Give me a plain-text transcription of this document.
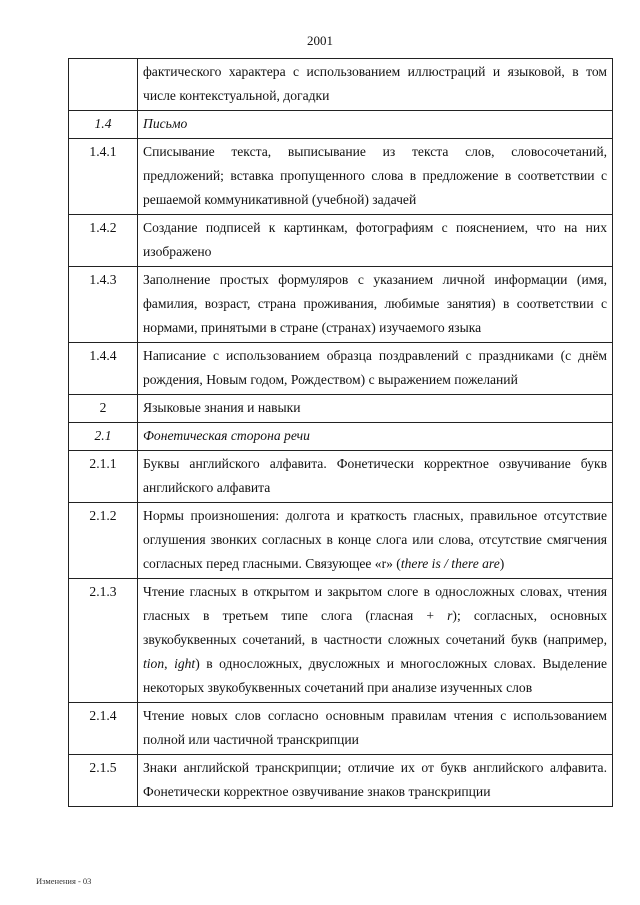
2001
	фактического характера с использованием иллюстраций и языковой, в том числе контекстуальной, догадки
1.4	Письмо
1.4.1	Списывание текста, выписывание из текста слов, словосочетаний, предложений; вставка пропущенного слова в предложение в соответствии с решаемой коммуникативной (учебной) задачей
1.4.2	Создание подписей к картинкам, фотографиям с пояснением, что на них изображено
1.4.3	Заполнение простых формуляров с указанием личной информации (имя, фамилия, возраст, страна проживания, любимые занятия) в соответствии с нормами, принятыми в стране (странах) изучаемого языка
1.4.4	Написание с использованием образца поздравлений с праздниками (с днём рождения, Новым годом, Рождеством) с выражением пожеланий
2	Языковые знания и навыки
2.1	Фонетическая сторона речи
2.1.1	Буквы английского алфавита. Фонетически корректное озвучивание букв английского алфавита
2.1.2	Нормы произношения: долгота и краткость гласных, правильное отсутствие оглушения звонких согласных в конце слога или слова, отсутствие смягчения согласных перед гласными. Связующее «r» (there is / there are)
2.1.3	Чтение гласных в открытом и закрытом слоге в односложных словах, чтения гласных в третьем типе слога (гласная + r); согласных, основных звукобуквенных сочетаний, в частности сложных сочетаний букв (например, tion, ight) в односложных, двусложных и многосложных словах. Выделение некоторых звукобуквенных сочетаний при анализе изученных слов
2.1.4	Чтение новых слов согласно основным правилам чтения с использованием полной или частичной транскрипции
2.1.5	Знаки английской транскрипции; отличие их от букв английского алфавита. Фонетически корректное озвучивание знаков транскрипции
Изменения - 03
